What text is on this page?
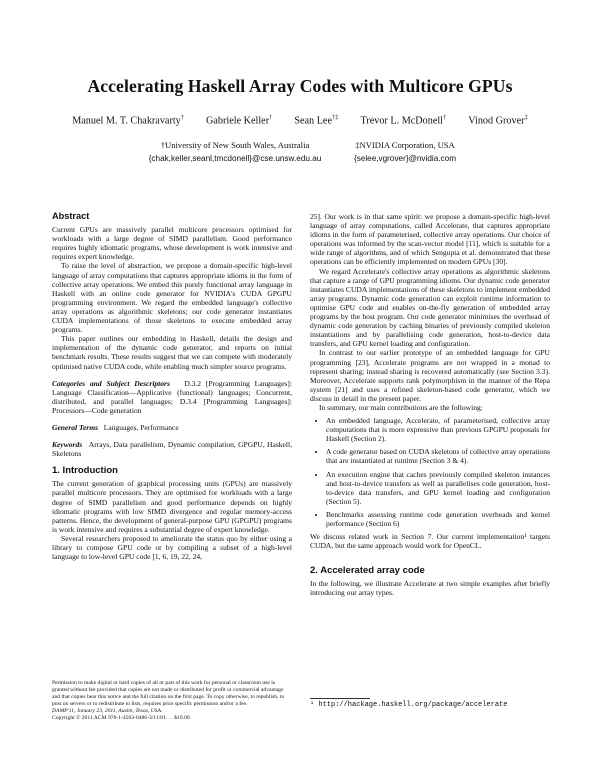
Accelerating Haskell Array Codes with Multicore GPUs
Manuel M. T. Chakravarty† Gabriele Keller† Sean Lee†‡ Trevor L. McDonell† Vinod Grover‡
†University of New South Wales, Australia
{chak,keller,seanl,tmcdonell}@cse.unsw.edu.au
‡NVIDIA Corporation, USA
{selee,vgrover}@nvidia.com
Abstract

Current GPUs are massively parallel multicore processors optimised for workloads with a large degree of SIMD parallelism. Good performance requires highly idiomatic programs, whose development is work intensive and requires expert knowledge.

To raise the level of abstraction, we propose a domain-specific high-level language of array computations that captures appropriate idioms in the form of collective array operations. We embed this purely functional array language in Haskell with an online code generator for NVIDIA's CUDA GPGPU programming environment. We regard the embedded language's collective array operations as algorithmic skeletons; our code generator instantiates CUDA implementations of those skeletons to execute embedded array programs.

This paper outlines our embedding in Haskell, details the design and implementation of the dynamic code generator, and reports on initial benchmark results. These results suggest that we can compete with moderately optimised native CUDA code, while enabling much simpler source programs.

Categories and Subject Descriptors D.3.2 [Programming Languages]: Language Classification—Applicative (functional) languages; Concurrent, distributed, and parallel languages; D.3.4 [Programming Languages]: Processors—Code generation

General Terms Languages, Performance

Keywords Arrays, Data parallelism, Dynamic compilation, GPGPU, Haskell, Skeletons

1. Introduction

The current generation of graphical processing units (GPUs) are massively parallel multicore processors. They are optimised for workloads with a large degree of SIMD parallelism and good performance depends on highly idiomatic programs with low SIMD divergence and regular memory-access patterns. Hence, the development of general-purpose GPU (GPGPU) programs is work intensive and requires a substantial degree of expert knowledge.

Several researchers proposed to ameliorate the status quo by either using a library to compose GPU code or by compiling a subset of a high-level language to low-level GPU code [1, 6, 19, 22, 24,

Permission to make digital or hard copies of all or part of this work for personal or classroom use is granted without fee provided that copies are not made or distributed for profit or commercial advantage and that copies bear this notice and the full citation on the first page. To copy otherwise, to republish, to post on servers or to redistribute to lists, requires prior specific permission and/or a fee.
DAMP'11, January 23, 2011, Austin, Texas, USA.
Copyright © 2011 ACM 978-1-4503-0486-3/11/01. . . $10.00

25]. Our work is in that same spirit: we propose a domain-specific high-level language of array computations, called Accelerate, that captures appropriate idioms in the form of parameterised, collective array operations. Our choice of operations was informed by the scan-vector model [11], which is suitable for a wide range of algorithms, and of which Sengupta et al. demonstrated that these operations can be efficiently implemented on modern GPUs [30].

We regard Accelerate's collective array operations as algorithmic skeletons that capture a range of GPU programming idioms. Our dynamic code generator instantiates CUDA implementations of these skeletons to implement embedded array programs. Dynamic code generation can exploit runtime information to optimise GPU code and enables on-the-fly generation of embedded array programs by the host program. Our code generator minimises the overhead of dynamic code generation by caching binaries of previously compiled skeleton instantiations and by parallelising code generation, host-to-device data transfers, and GPU kernel loading and configuration.

In contrast to our earlier prototype of an embedded language for GPU programming [23], Accelerate programs are not wrapped in a monad to represent sharing; instead sharing is recovered automatically (see Section 3.3). Moreover, Accelerate supports rank polymorphism in the manner of the Repa system [21] and uses a refined skeleton-based code generator, which we discuss in detail in the present paper.

In summary, our main contributions are the following:

• An embedded language, Accelerate, of parameterised, collective array computations that is more expressive than previous GPGPU proposals for Haskell (Section 2).
• A code generator based on CUDA skeletons of collective array operations that are instantiated at runtime (Section 3 & 4).
• An execution engine that caches previously compiled skeleton instances and host-to-device transfers as well as parallelises code generation, host-to-device data transfers, and GPU kernel loading and configuration (Section 5).
• Benchmarks assessing runtime code generation overheads and kernel performance (Section 6)

We discuss related work in Section 7. Our current implementation¹ targets CUDA, but the same approach would work for OpenCL.

2. Accelerated array code

In the following, we illustrate Accelerate at two simple examples after briefly introducing our array types.

¹ http://hackage.haskell.org/package/accelerate
